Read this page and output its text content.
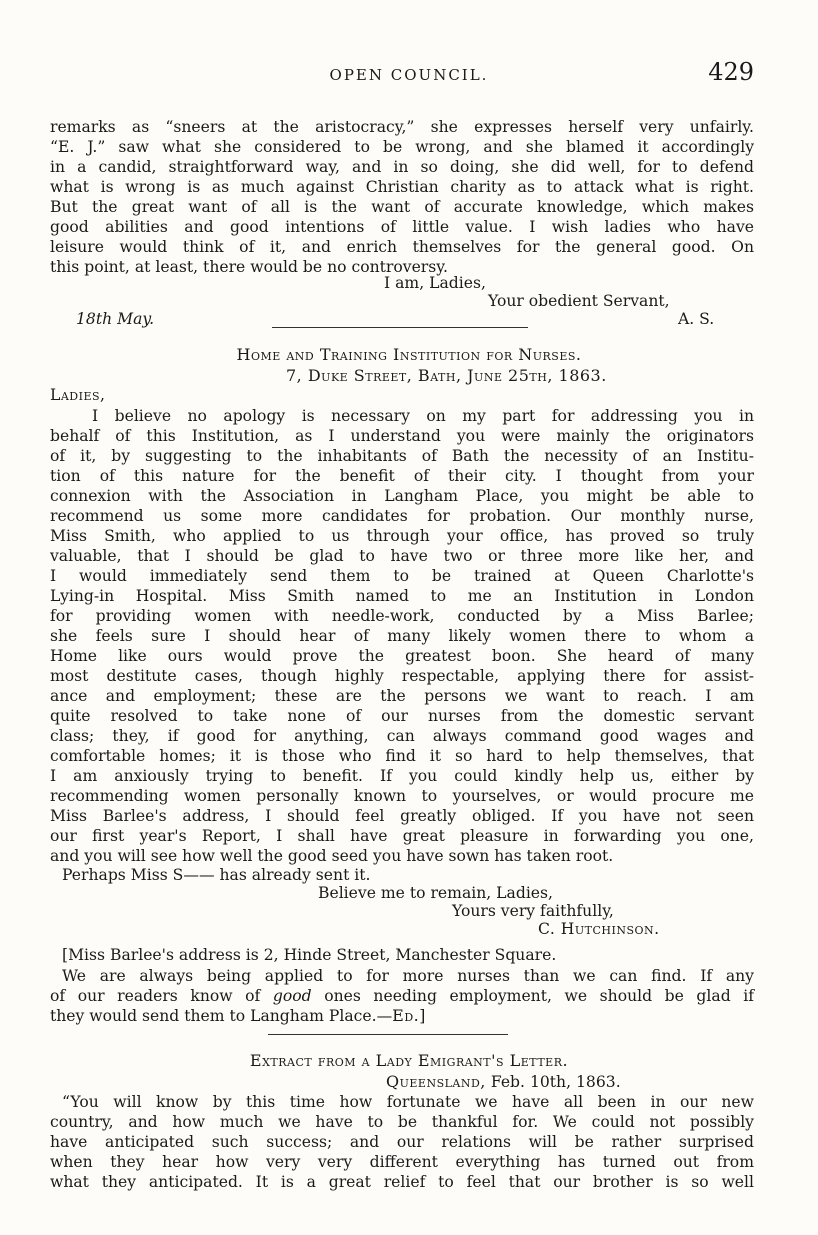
OPEN COUNCIL.	429
remarks as “sneers at the aristocracy,” she expresses herself very unfairly.
“E. J.” saw what she considered to be wrong, and she blamed it accordingly
in a candid, straightforward way, and in so doing, she did well, for to defend
what is wrong is as much against Christian charity as to attack what is right.
But the great want of all is the want of accurate knowledge, which makes
good abilities and good intentions of little value. I wish ladies who have
leisure would think of it, and enrich themselves for the general good. On
this point, at least, there would be no controversy.
I am, Ladies,
Your obedient Servant,
18th May.	A. S.
Home and Training Institution for Nurses.
7, Duke Street, Bath, June 25th, 1863.
Ladies,
I believe no apology is necessary on my part for addressing you in
behalf of this Institution, as I understand you were mainly the originators
of it, by suggesting to the inhabitants of Bath the necessity of an Institu-
tion of this nature for the benefit of their city. I thought from your
connexion with the Association in Langham Place, you might be able to
recommend us some more candidates for probation. Our monthly nurse,
Miss Smith, who applied to us through your office, has proved so truly
valuable, that I should be glad to have two or three more like her, and
I would immediately send them to be trained at Queen Charlotte's
Lying-in Hospital. Miss Smith named to me an Institution in London
for providing women with needle-work, conducted by a Miss Barlee;
she feels sure I should hear of many likely women there to whom a
Home like ours would prove the greatest boon. She heard of many
most destitute cases, though highly respectable, applying there for assist-
ance and employment; these are the persons we want to reach. I am
quite resolved to take none of our nurses from the domestic servant
class; they, if good for anything, can always command good wages and
comfortable homes; it is those who find it so hard to help themselves, that
I am anxiously trying to benefit. If you could kindly help us, either by
recommending women personally known to yourselves, or would procure me
Miss Barlee's address, I should feel greatly obliged. If you have not seen
our first year's Report, I shall have great pleasure in forwarding you one,
and you will see how well the good seed you have sown has taken root.
Perhaps Miss S—— has already sent it.
Believe me to remain, Ladies,
Yours very faithfully,
C. Hutchinson.
[Miss Barlee's address is 2, Hinde Street, Manchester Square.
We are always being applied to for more nurses than we can find. If any
of our readers know of good ones needing employment, we should be glad if
they would send them to Langham Place.—Ed.]
Extract from a Lady Emigrant's Letter.
Queensland, Feb. 10th, 1863.
“You will know by this time how fortunate we have all been in our new
country, and how much we have to be thankful for. We could not possibly
have anticipated such success; and our relations will be rather surprised
when they hear how very very different everything has turned out from
what they anticipated. It is a great relief to feel that our brother is so well
